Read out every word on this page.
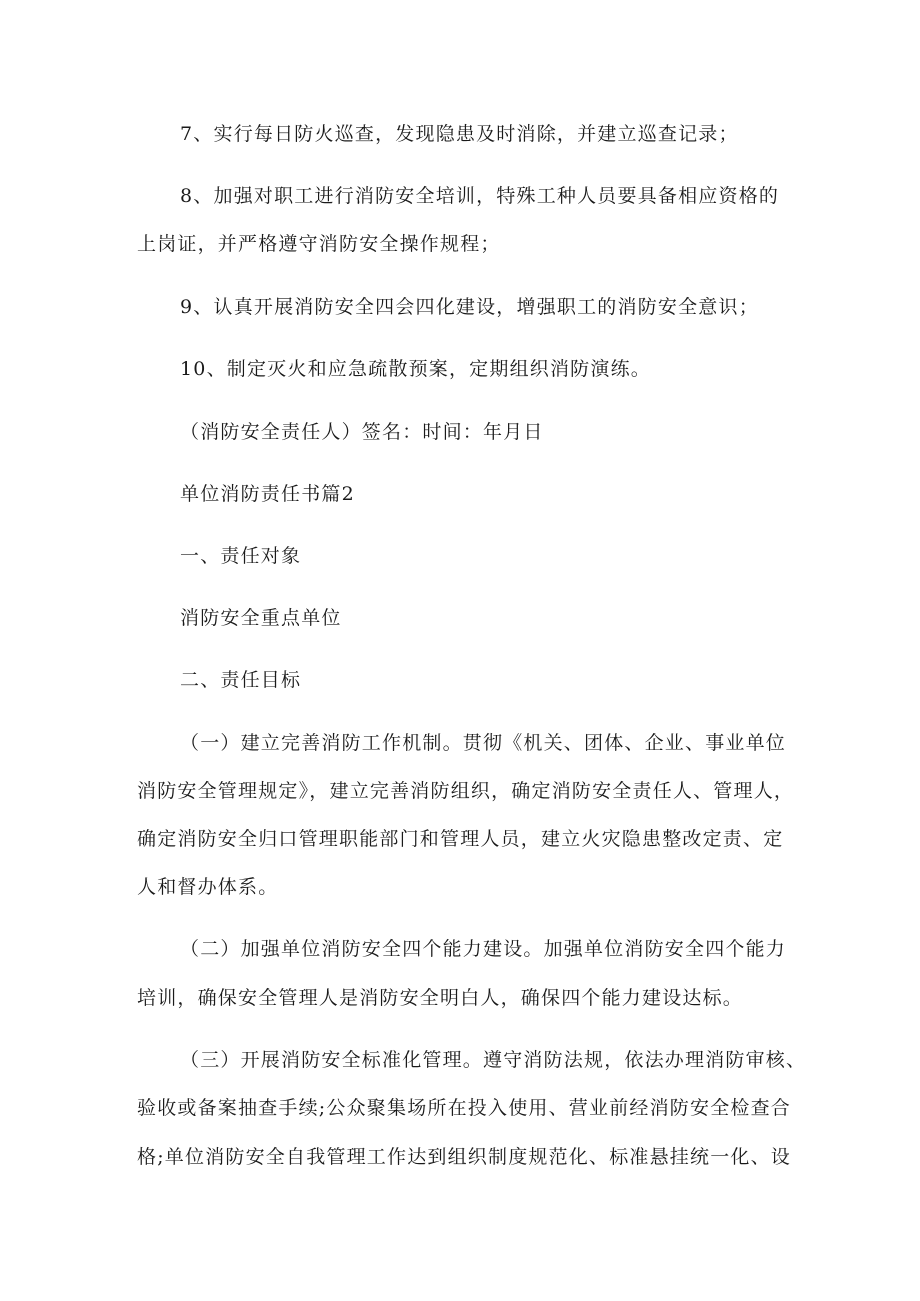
7、实行每日防火巡查，发现隐患及时消除，并建立巡查记录；
8、加强对职工进行消防安全培训，特殊工种人员要具备相应资格的
上岗证，并严格遵守消防安全操作规程；
9、认真开展消防安全四会四化建设，增强职工的消防安全意识；
10、制定灭火和应急疏散预案，定期组织消防演练。
（消防安全责任人）签名：时间：年月日
单位消防责任书篇2
一、责任对象
消防安全重点单位
二、责任目标
（一）建立完善消防工作机制。贯彻《机关、团体、企业、事业单位
消防安全管理规定》，建立完善消防组织，确定消防安全责任人、管理人，
确定消防安全归口管理职能部门和管理人员，建立火灾隐患整改定责、定
人和督办体系。
（二）加强单位消防安全四个能力建设。加强单位消防安全四个能力
培训，确保安全管理人是消防安全明白人，确保四个能力建设达标。
（三）开展消防安全标准化管理。遵守消防法规，依法办理消防审核、
验收或备案抽查手续;公众聚集场所在投入使用、营业前经消防安全检查合
格;单位消防安全自我管理工作达到组织制度规范化、标准悬挂统一化、设
